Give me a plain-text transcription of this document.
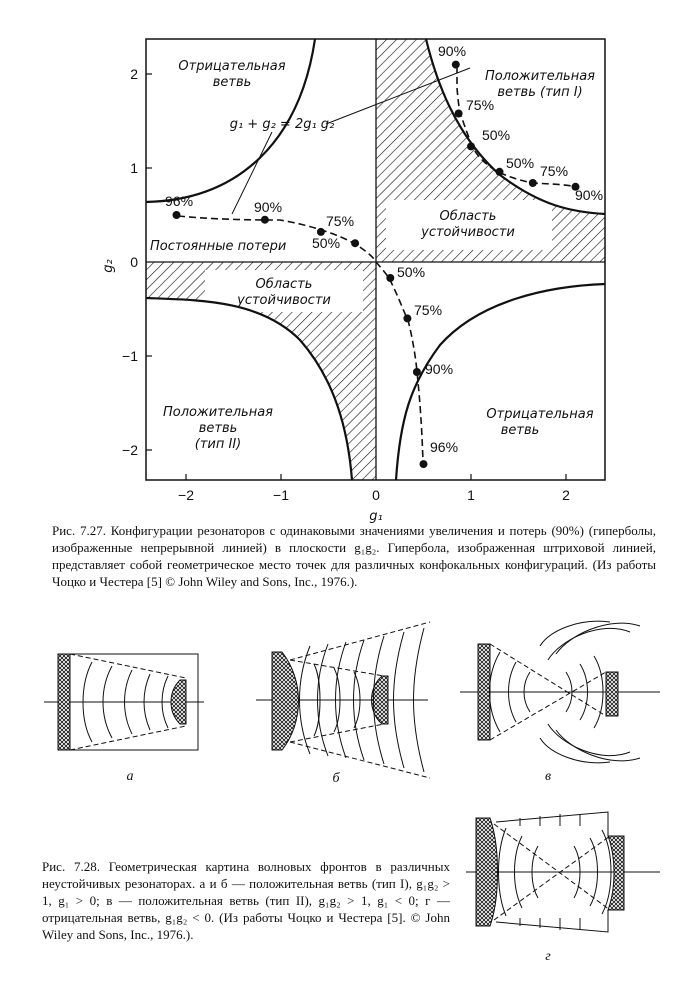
Отрицательная
ветвь	Положительная
ветвь (тип I)
g₁ + g₂ = 2g₁ g₂
Постоянные потери
Область
устойчивости
Область
устойчивости
Положительная
ветвь
(тип II)
Отрицательная
ветвь
96%	90%
75%
50%
50%
75%
90%
96%
90%
75%
50%
50% 75%
90%
2
1
0
−1
−2
−2	−1	0	1	2
g₁
g₂
Рис. 7.27. Конфигурации резонаторов с одинаковыми значениями увеличения и потерь (90%) (гиперболы, изображенные непрерывной линией) в плоскости g₁g₂. Гипербола, изображенная штриховой линией, представляет собой геометрическое место точек для различных конфокальных конфигураций. (Из работы Чоцко и Честера [5] © John Wiley and Sons, Inc., 1976.).
а	б	в
г
Рис. 7.28. Геометрическая картина волновых фронтов в различных неустойчивых резонаторах. а и б — положительная ветвь (тип I), g₁g₂ > 1, g₁ > 0; в — положительная ветвь (тип II), g₁g₂ > 1, g₁ < 0; г — отрицательная ветвь, g₁g₂ < 0. (Из работы Чоцко и Честера [5]. © John Wiley and Sons, Inc., 1976.).
